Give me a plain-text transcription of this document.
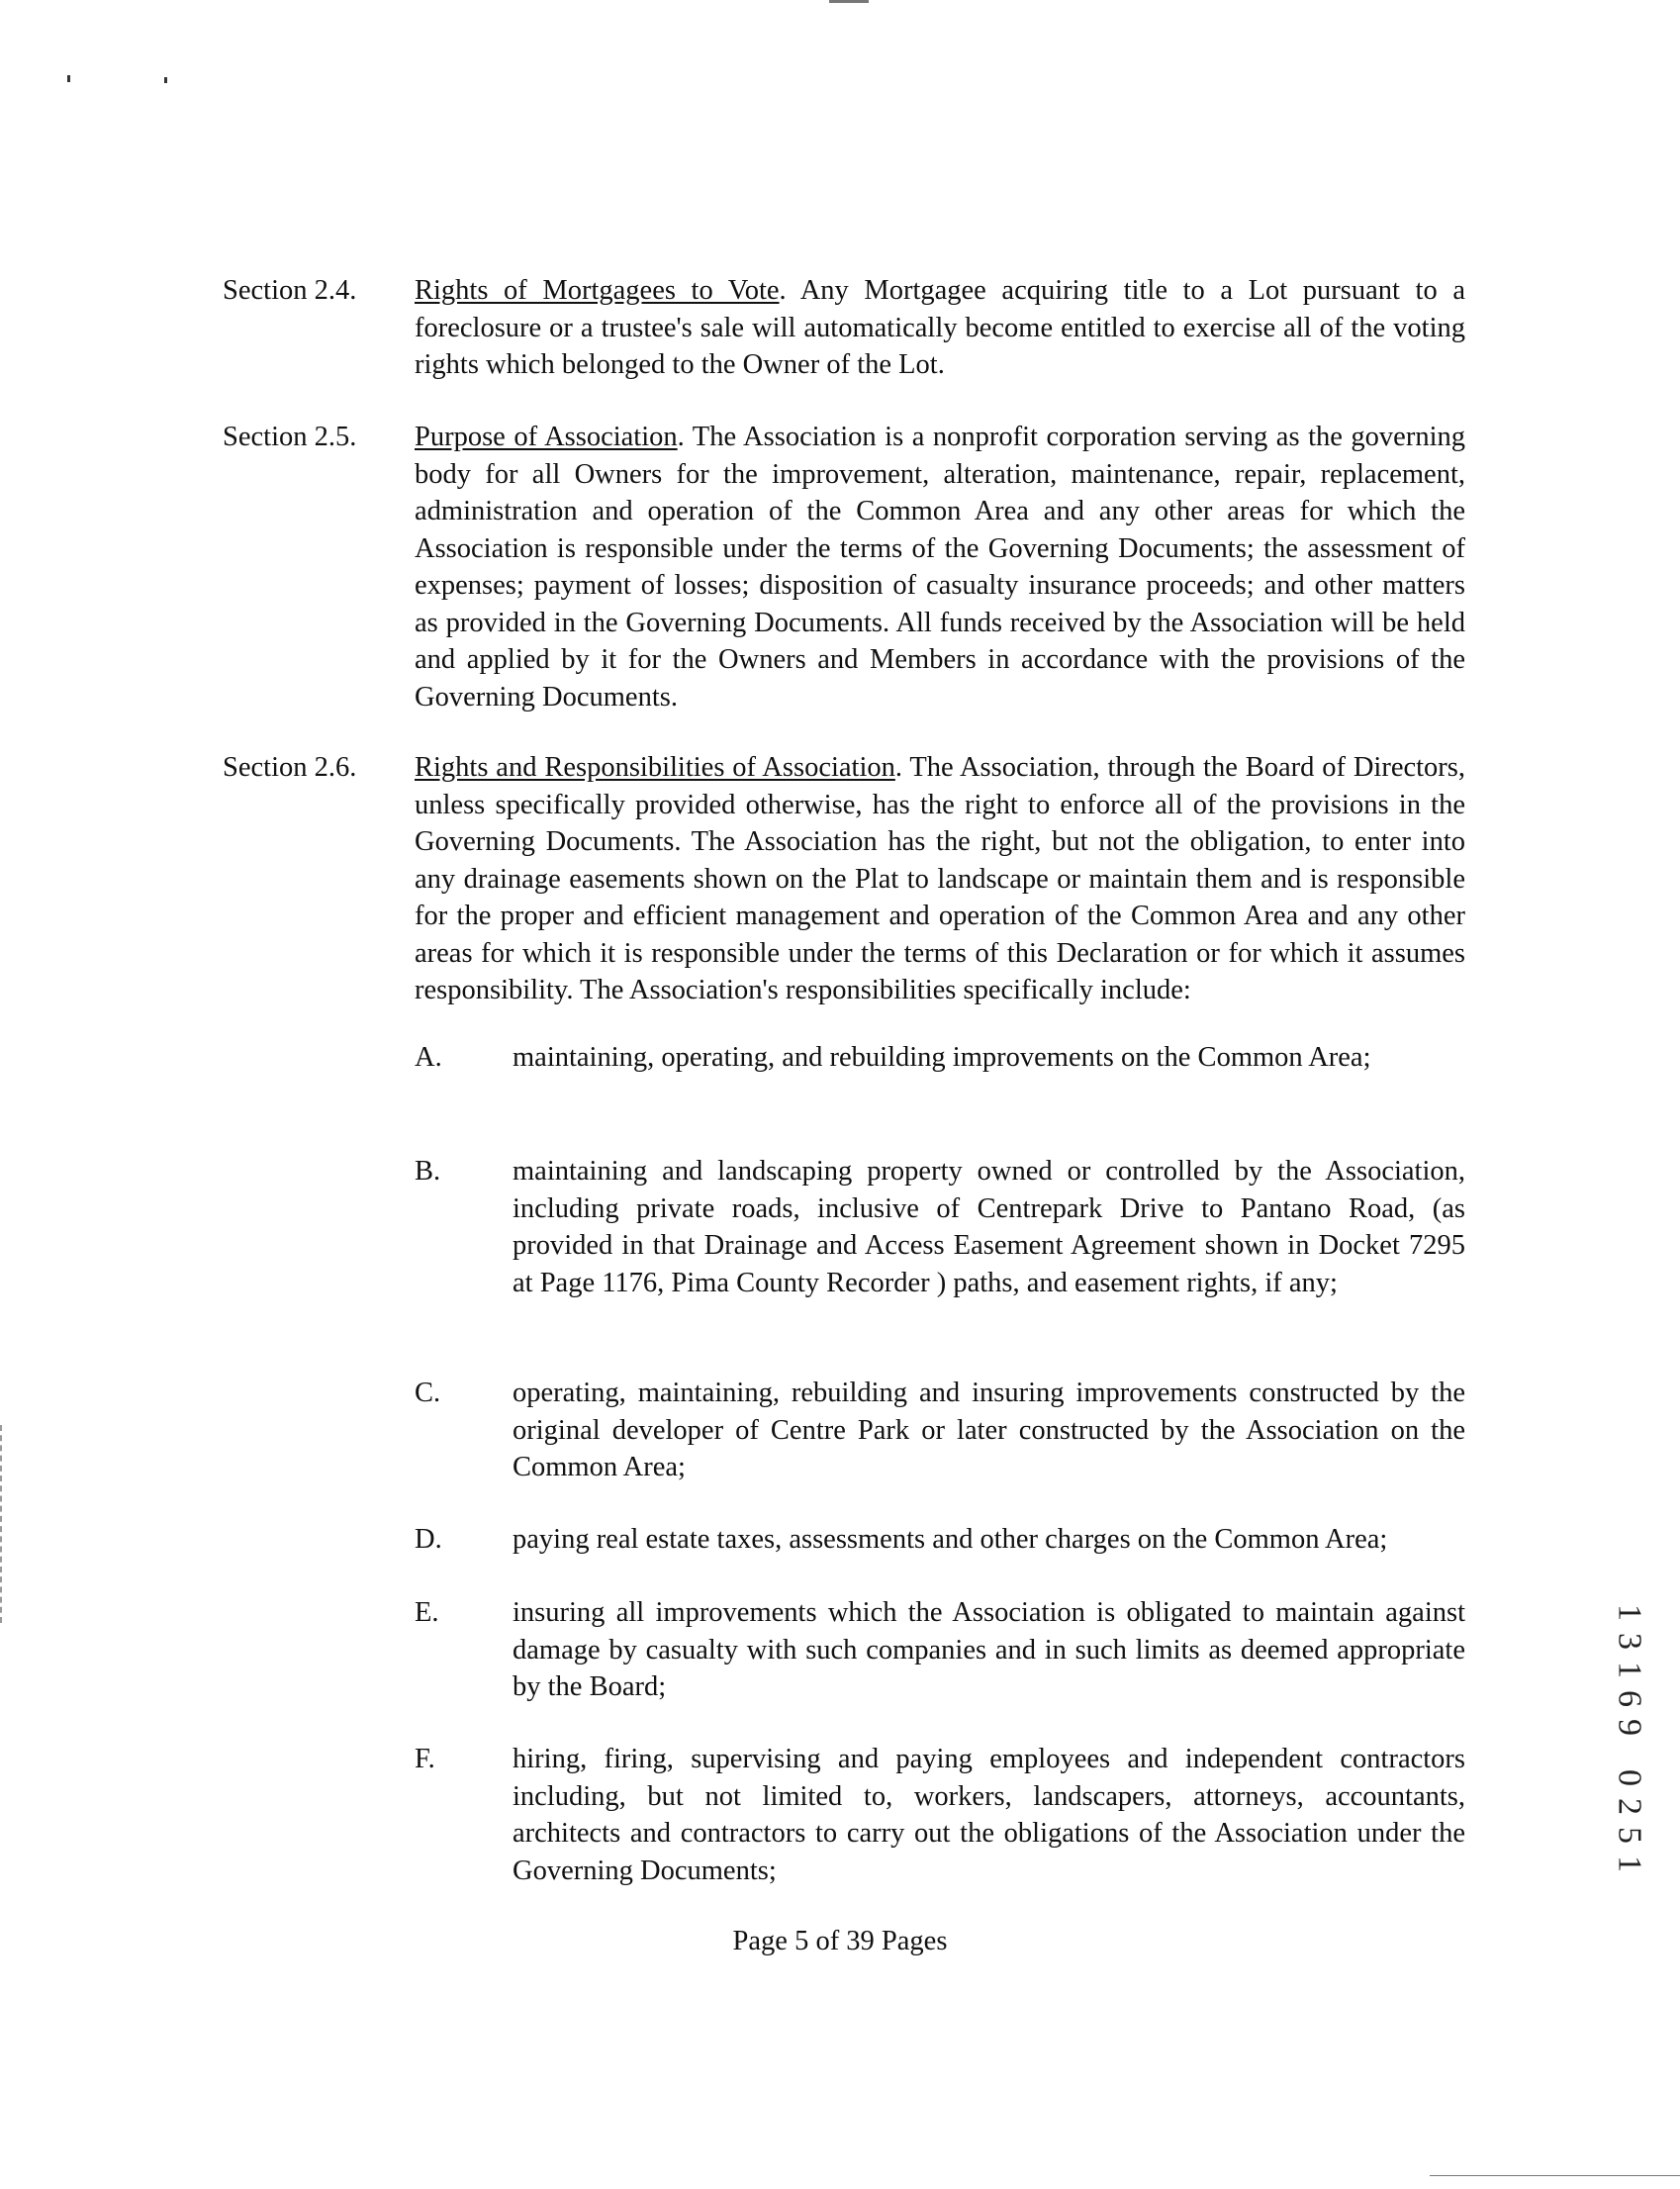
Section 2.4.	Rights of Mortgagees to Vote. Any Mortgagee acquiring title to a Lot pursuant to a foreclosure or a trustee's sale will automatically become entitled to exercise all of the voting rights which belonged to the Owner of the Lot.
Section 2.5.	Purpose of Association. The Association is a nonprofit corporation serving as the governing body for all Owners for the improvement, alteration, maintenance, repair, replacement, administration and operation of the Common Area and any other areas for which the Association is responsible under the terms of the Governing Documents; the assessment of expenses; payment of losses; disposition of casualty insurance proceeds; and other matters as provided in the Governing Documents. All funds received by the Association will be held and applied by it for the Owners and Members in accordance with the provisions of the Governing Documents.
Section 2.6.	Rights and Responsibilities of Association. The Association, through the Board of Directors, unless specifically provided otherwise, has the right to enforce all of the provisions in the Governing Documents. The Association has the right, but not the obligation, to enter into any drainage easements shown on the Plat to landscape or maintain them and is responsible for the proper and efficient management and operation of the Common Area and any other areas for which it is responsible under the terms of this Declaration or for which it assumes responsibility. The Association's responsibilities specifically include:
A.	maintaining, operating, and rebuilding improvements on the Common Area;
B.	maintaining and landscaping property owned or controlled by the Association, including private roads, inclusive of Centrepark Drive to Pantano Road, (as provided in that Drainage and Access Easement Agreement shown in Docket 7295 at Page 1176, Pima County Recorder ) paths, and easement rights, if any;
C.	operating, maintaining, rebuilding and insuring improvements constructed by the original developer of Centre Park or later constructed by the Association on the Common Area;
D.	paying real estate taxes, assessments and other charges on the Common Area;
E.	insuring all improvements which the Association is obligated to maintain against damage by casualty with such companies and in such limits as deemed appropriate by the Board;
F.	hiring, firing, supervising and paying employees and independent contractors including, but not limited to, workers, landscapers, attorneys, accountants, architects and contractors to carry out the obligations of the Association under the Governing Documents;
Page 5 of 39 Pages
1
3
1
6
9
0
2
5
1
